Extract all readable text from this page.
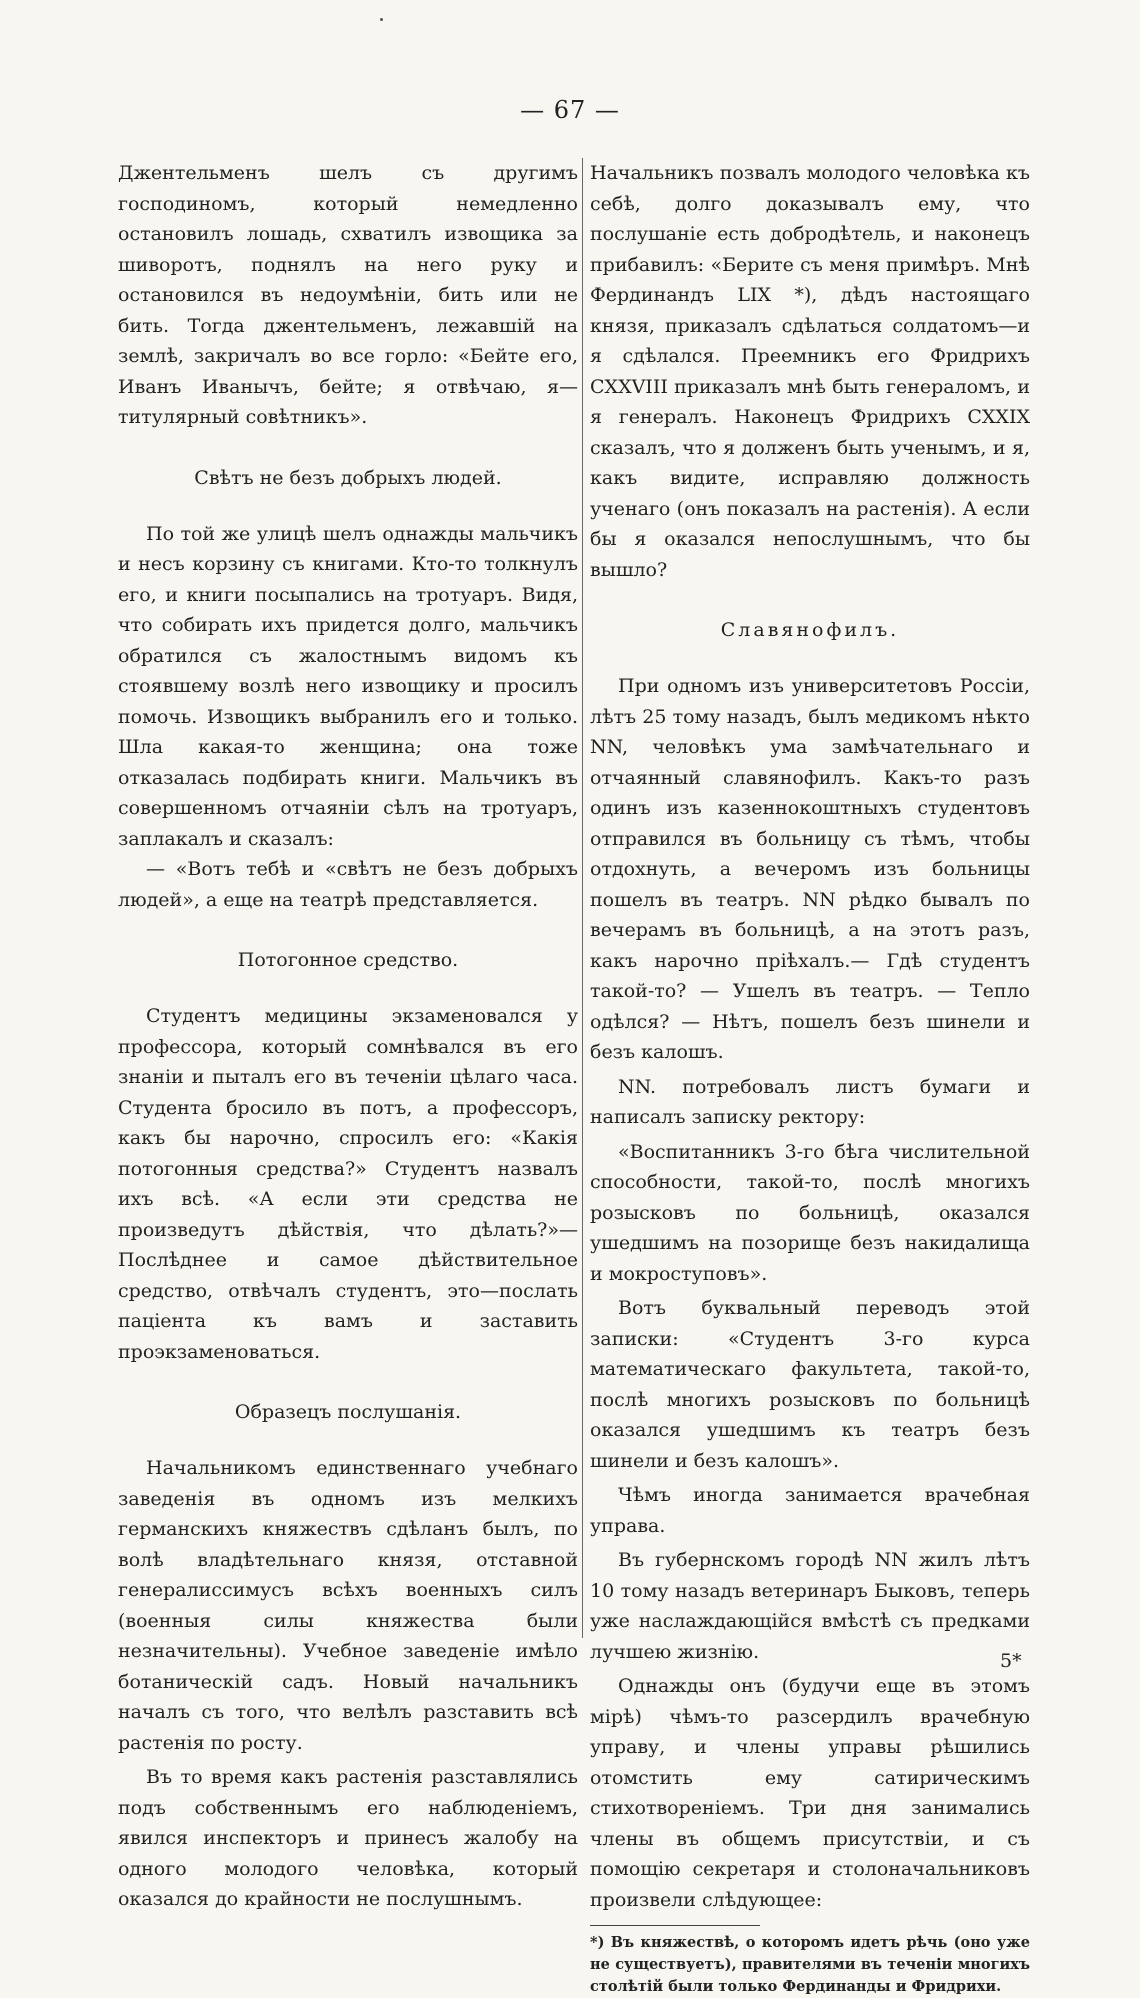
— 67 —

Джентельменъ шелъ съ другимъ господиномъ, который немедленно остановилъ лошадь, схватилъ извощика за шиворотъ, поднялъ на него руку и остановился въ недоумѣніи, бить или не бить. Тогда джентельменъ, лежавшій на землѣ, закричалъ во все горло: «Бейте его, Иванъ Иванычъ, бейте; я отвѣчаю, я—титулярный совѣтникъ».

Свѣтъ не безъ добрыхъ людей.

По той же улицѣ шелъ однажды мальчикъ и несъ корзину съ книгами. Кто-то толкнулъ его, и книги посыпались на тротуаръ. Видя, что собирать ихъ придется долго, мальчикъ обратился съ жалостнымъ видомъ къ стоявшему возлѣ него извощику и просилъ помочь. Извощикъ выбранилъ его и только. Шла какая-то женщина; она тоже отказалась подбирать книги. Мальчикъ въ совершенномъ отчаяніи сѣлъ на тротуаръ, заплакалъ и сказалъ:

— «Вотъ тебѣ и «свѣтъ не безъ добрыхъ людей», а еще на театрѣ представляется.

Потогонное средство.

Студентъ медицины экзаменовался у профессора, который сомнѣвался въ его знаніи и пыталъ его въ теченіи цѣлаго часа. Студента бросило въ потъ, а профессоръ, какъ бы нарочно, спросилъ его: «Какія потогонныя средства?» Студентъ назвалъ ихъ всѣ. «А если эти средства не произведутъ дѣйствія, что дѣлать?»—Послѣднее и самое дѣйствительное средство, отвѣчалъ студентъ, это—послать паціента къ вамъ и заставить проэкзаменоваться.

Образецъ послушанія.

Начальникомъ единственнаго учебнаго заведенія въ одномъ изъ мелкихъ германскихъ княжествъ сдѣланъ былъ, по волѣ владѣтельнаго князя, отставной генералиссимусъ всѣхъ военныхъ силъ (военныя силы княжества были незначительны). Учебное заведеніе имѣло ботаническій садъ. Новый начальникъ началъ съ того, что велѣлъ разставить всѣ растенія по росту.

Въ то время какъ растенія разставлялись подъ собственнымъ его наблюденіемъ, явился инспекторъ и принесъ жалобу на одного молодого человѣка, который оказался до крайности не послушнымъ.

Начальникъ позвалъ молодого человѣка къ себѣ, долго доказывалъ ему, что послушаніе есть добродѣтель, и наконецъ прибавилъ: «Берите съ меня примѣръ. Мнѣ Фердинандъ LIX *), дѣдъ настоящаго князя, приказалъ сдѣлаться солдатомъ—и я сдѣлался. Преемникъ его Фридрихъ CXXVIII приказалъ мнѣ быть генераломъ, и я генералъ. Наконецъ Фридрихъ CXXIX сказалъ, что я долженъ быть ученымъ, и я, какъ видите, исправляю должность ученаго (онъ показалъ на растенія). А если бы я оказался непослушнымъ, что бы вышло?

Славянофилъ.

При одномъ изъ университетовъ Россіи, лѣтъ 25 тому назадъ, былъ медикомъ нѣкто NN, человѣкъ ума замѣчательнаго и отчаянный славянофилъ. Какъ-то разъ одинъ изъ казеннокоштныхъ студентовъ отправился въ больницу съ тѣмъ, чтобы отдохнуть, а вечеромъ изъ больницы пошелъ въ театръ. NN рѣдко бывалъ по вечерамъ въ больницѣ, а на этотъ разъ, какъ нарочно пріѣхалъ.— Гдѣ студентъ такой-то? — Ушелъ въ театръ. — Тепло одѣлся? — Нѣтъ, пошелъ безъ шинели и безъ калошъ.

NN. потребовалъ листъ бумаги и написалъ записку ректору:

«Воспитанникъ 3-го бѣга числительной способности, такой-то, послѣ многихъ розысковъ по больницѣ, оказался ушедшимъ на позорище безъ накидалища и мокроступовъ».

Вотъ буквальный переводъ этой записки: «Студентъ 3-го курса математическаго факультета, такой-то, послѣ многихъ розысковъ по больницѣ оказался ушедшимъ къ театръ безъ шинели и безъ калошъ».

Чѣмъ иногда занимается врачебная управа.

Въ губернскомъ городѣ NN жилъ лѣтъ 10 тому назадъ ветеринаръ Быковъ, теперь уже наслаждающійся вмѣстѣ съ предками лучшею жизнію.

Однажды онъ (будучи еще въ этомъ мірѣ) чѣмъ-то разсердилъ врачебную управу, и члены управы рѣшились отомстить ему сатирическимъ стихотвореніемъ. Три дня занимались члены въ общемъ присутствіи, и съ помощію секретаря и столоначальниковъ произвели слѣдующее:

*) Въ княжествѣ, о которомъ идетъ рѣчь (оно уже не существуетъ), правителями въ теченіи многихъ столѣтій были только Фердинанды и Фридрихи.

5*
